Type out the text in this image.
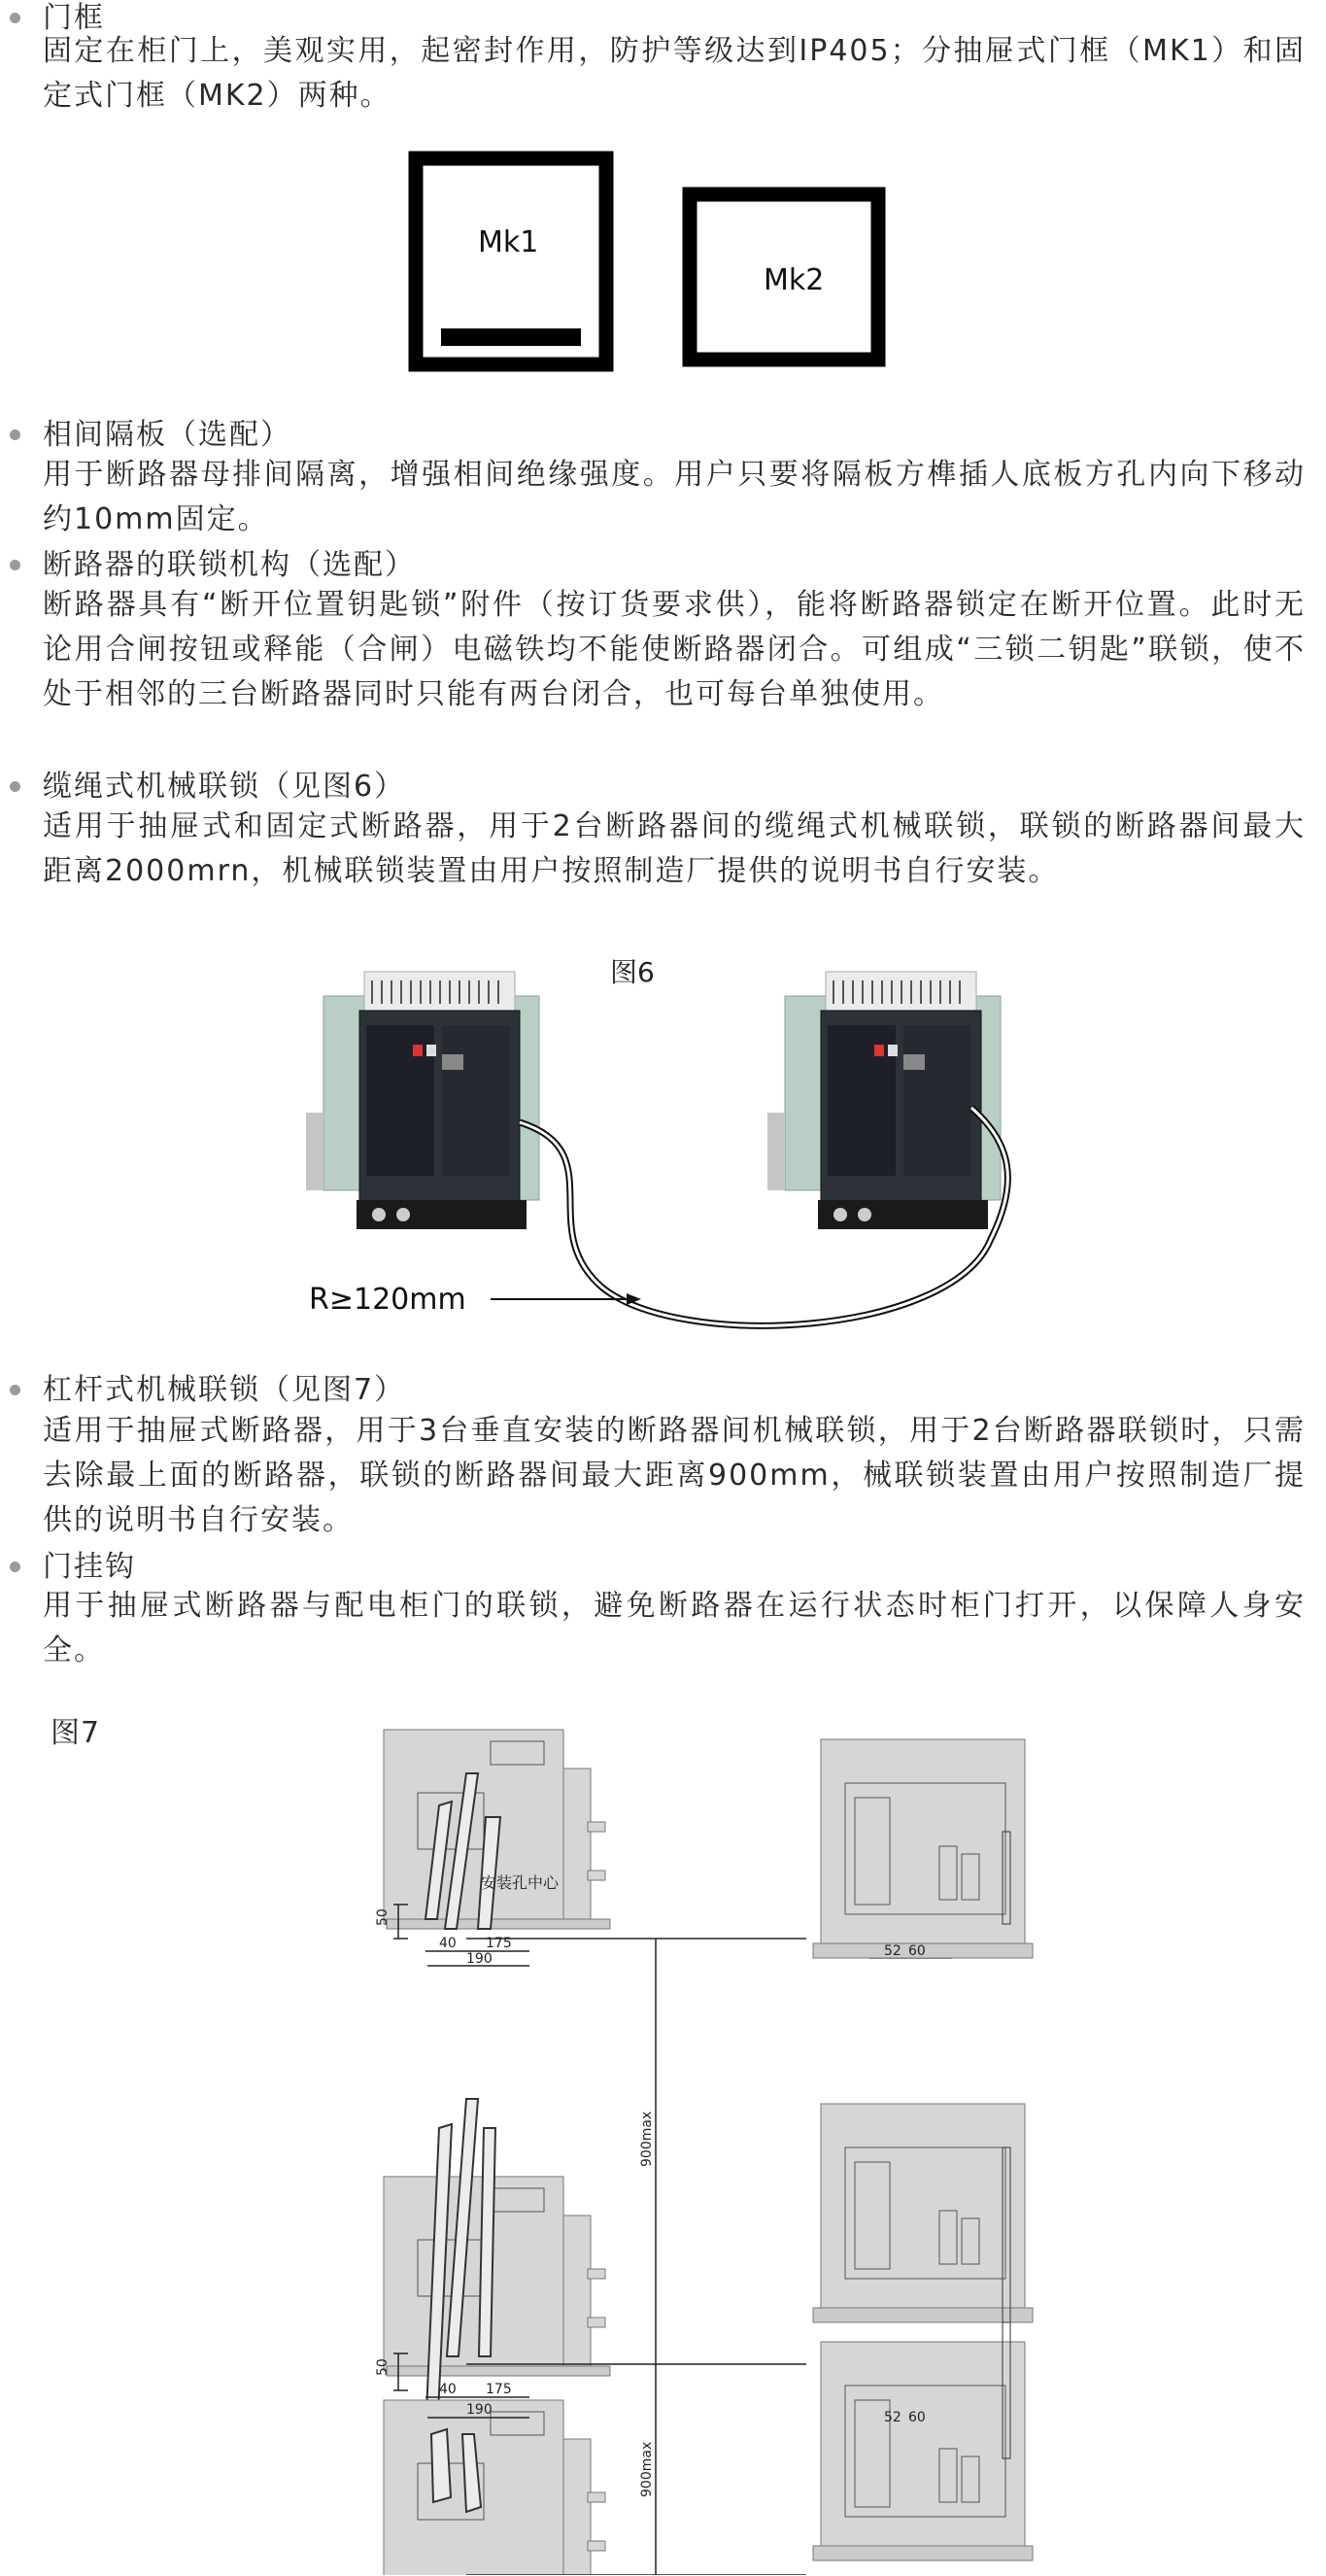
门框
固定在柜门上，美观实用，起密封作用，防护等级达到IP405；分抽屉式门框（MK1）和固定式门框（MK2）两种。
Mk1
Mk2
相间隔板（选配）
用于断路器母排间隔离，增强相间绝缘强度。用户只要将隔板方榫插人底板方孔内向下移动约10mm固定。
断路器的联锁机构（选配）
断路器具有“断开位置钥匙锁”附件（按订货要求供），能将断路器锁定在断开位置。此时无论用合闸按钮或释能（合闸）电磁铁均不能使断路器闭合。可组成“三锁二钥匙”联锁，使不处于相邻的三台断路器同时只能有两台闭合，也可每台单独使用。
缆绳式机械联锁（见图6）
适用于抽屉式和固定式断路器，用于2台断路器间的缆绳式机械联锁，联锁的断路器间最大距离2000mrn，机械联锁装置由用户按照制造厂提供的说明书自行安装。
图6
R≥120mm
杠杆式机械联锁（见图7）
适用于抽屉式断路器，用于3台垂直安装的断路器间机械联锁，用于2台断路器联锁时，只需去除最上面的断路器，联锁的断路器间最大距离900mm，械联锁装置由用户按照制造厂提供的说明书自行安装。
门挂钩
用于抽屉式断路器与配电柜门的联锁，避免断路器在运行状态时柜门打开，以保障人身安全。
图7
安装孔中心
50
50
40 175
190
40 175
190
900max
900max
52 60
52 60
